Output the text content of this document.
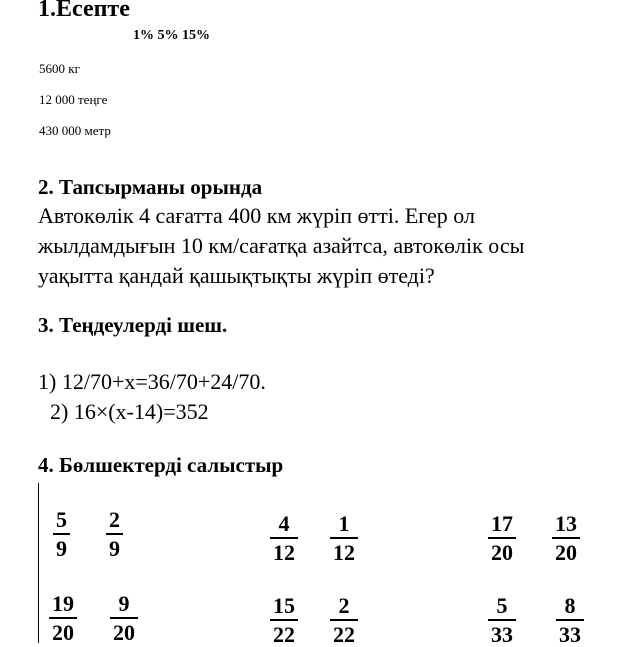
1.Есепте
1% 5% 15%
5600 кг
12 000 теңге
430 000 метр
2. Тапсырманы орында
Автокөлік 4 сағатта 400 км жүріп өтті. Егер ол
жылдамдығын 10 км/сағатқа азайтса, автокөлік осы
уақытта қандай қашықтықты жүріп өтеді?
3. Теңдеулерді шеш.
1) 12/70+x=36/70+24/70.
2) 16×(x-14)=352
4. Бөлшектерді салыстыр
5
9
2
9
4
12
1
12
17
20
13
20
19
20
9
20
15
22
2
22
5
33
8
33
